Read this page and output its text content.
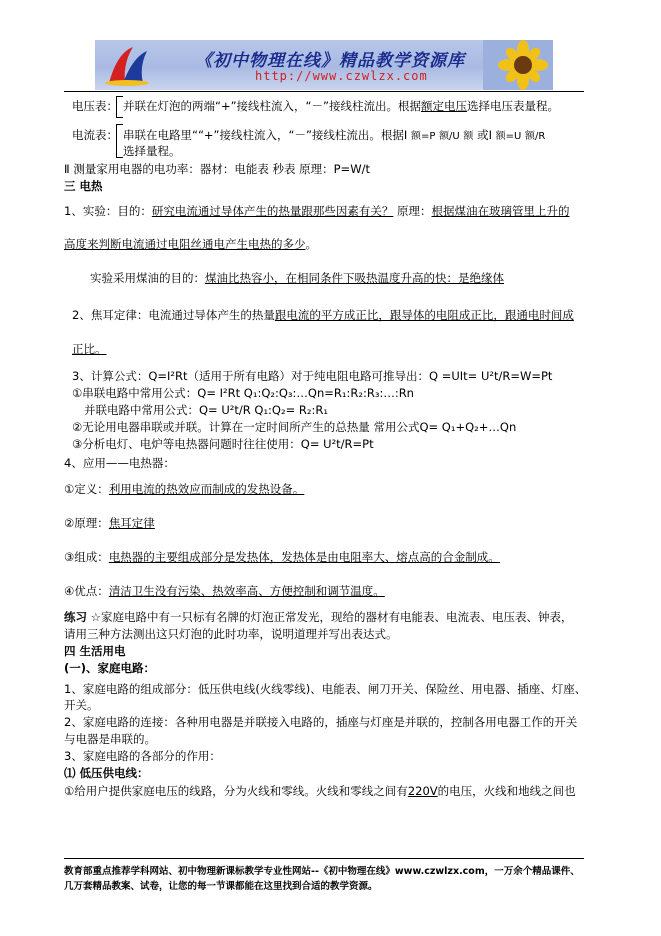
《初中物理在线》精品教学资源库
http://www.czwlzx.com
电压表： 并联在灯泡的两端“+”接线柱流入，“－”接线柱流出。根据额定电压选择电压表量程。
电流表： 串联在电路里““+”接线柱流入，“－”接线柱流出。根据I 额=P 额/U 额 或I 额=U 额/R
选择量程。
Ⅱ 测量家用电器的电功率：器材：电能表 秒表 原理：P=W/t
三 电热
1、实验：目的：研究电流通过导体产生的热量跟那些因素有关？ 原理：根据煤油在玻璃管里上升的
高度来判断电流通过电阻丝通电产生电热的多少。
实验采用煤油的目的：煤油比热容小，在相同条件下吸热温度升高的快：是绝缘体
2、焦耳定律：电流通过导体产生的热量跟电流的平方成正比，跟导体的电阻成正比，跟通电时间成
正比。
3、计算公式：Q=I²Rt（适用于所有电路）对于纯电阻电路可推导出：Q =UIt= U²t/R=W=Pt
①串联电路中常用公式：Q= I²Rt Q₁:Q₂:Q₃:…Qn=R₁:R₂:R₃:…:Rn
并联电路中常用公式：Q= U²t/R Q₁:Q₂= R₂:R₁
②无论用电器串联或并联。计算在一定时间所产生的总热量 常用公式Q= Q₁+Q₂+…Qn
③分析电灯、电炉等电热器问题时往往使用：Q= U²t/R=Pt
4、应用——电热器：
①定义：利用电流的热效应而制成的发热设备。
②原理：焦耳定律
③组成：电热器的主要组成部分是发热体，发热体是由电阻率大、熔点高的合金制成。
④优点：清洁卫生没有污染、热效率高、方便控制和调节温度。
练习 ☆家庭电路中有一只标有名牌的灯泡正常发光，现给的器材有电能表、电流表、电压表、钟表，
请用三种方法测出这只灯泡的此时功率，说明道理并写出表达式。
四 生活用电
(一)、家庭电路：
1、家庭电路的组成部分：低压供电线(火线零线)、电能表、闸刀开关、保险丝、用电器、插座、灯座、
开关。
2、家庭电路的连接：各种用电器是并联接入电路的，插座与灯座是并联的，控制各用电器工作的开关
与电器是串联的。
3、家庭电路的各部分的作用：
⑴ 低压供电线：
①给用户提供家庭电压的线路，分为火线和零线。火线和零线之间有220V的电压，火线和地线之间也
教育部重点推荐学科网站、初中物理新课标教学专业性网站--《初中物理在线》www.czwlzx.com，一万余个精品课件、
几万套精品教案、试卷，让您的每一节课都能在这里找到合适的教学资源。
